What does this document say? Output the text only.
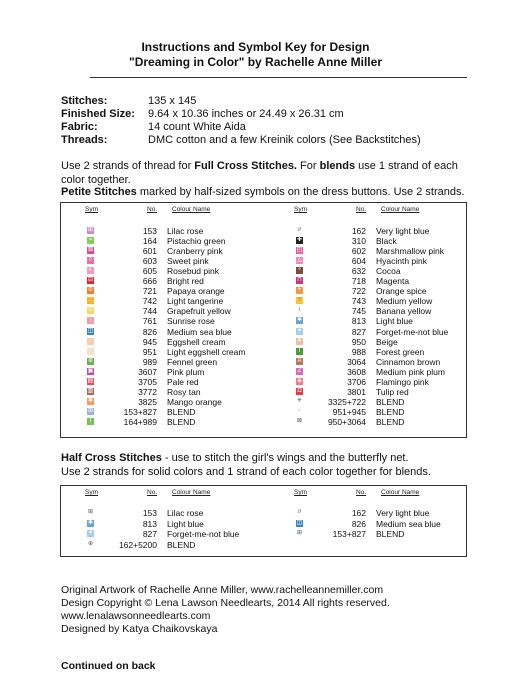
Instructions and Symbol Key for Design
"Dreaming in Color" by Rachelle Anne Miller
Stitches:	135 x 145
Finished Size: 9.64 x 10.36 inches or 24.49 x 26.31 cm
Fabric:	14 count White Aida
Threads:	DMC cotton and a few Kreinik colors (See Backstitches)
Use 2 strands of thread for Full Cross Stitches. For blends use 1 strand of each color together.
Petite Stitches marked by half-sized symbols on the dress buttons. Use 2 strands.
Sym	No. Colour Name	Sym	No. Colour Name
⊞	153 Lilac rose
=	164 Pistachio green
⊠	601 Cranberry pink
◊	603 Sweet pink
◐	605 Rosebud pink
⊟	666 Bright red
⊘	721 Papaya orange
::	742 Light tangerine
⊙	744 Grapefruit yellow
⋮	761 Sunrise rose
◫	826 Medium sea blue
◌	945 Eggshell cream
·	951 Light eggshell cream
⊕	989 Fennel green
▣	3607 Pink plum
▤	3705 Pale red
▥	3772 Rosy tan
✱	3825 Mango orange
⊞	153+827 BLEND
T	164+989 BLEND
//	162 Very light blue
✚	310 Black
◰	602 Marshmallow pink
△	604 Hyacinth pink
♆	632 Cocoa
⊓	718 Magenta
+	722 Orange spice
Y	743 Medium yellow
/	745 Banana yellow
✱	813 Light blue
✶	827 Forget-me-not blue
✕	950 Beige
T	988 Forest green
A	3064 Cinnamon brown
Z	3608 Medium pink plum
◈	3706 Flamingo pink
◘	3801 Tulip red
✳	3325+722 BLEND
◦	951+945 BLEND
⊠	950+3064 BLEND
Half Cross Stitches - use to stitch the girl's wings and the butterfly net.
Use 2 strands for solid colors and 1 strand of each color together for blends.
Sym	No. Colour Name	Sym	No. Colour Name
⊞	153 Lilac rose
✱	813 Light blue
✶	827 Forget-me-not blue
⊕	162+5200 BLEND
//	162 Very light blue
◫	826 Medium sea blue
⊞	153+827 BLEND
Original Artwork of Rachelle Anne Miller, www.rachelleannemiller.com
Design Copyright © Lena Lawson Needlearts, 2014 All rights reserved.
www.lenalawsonneedlearts.com
Designed by Katya Chaikovskaya
Continued on back
